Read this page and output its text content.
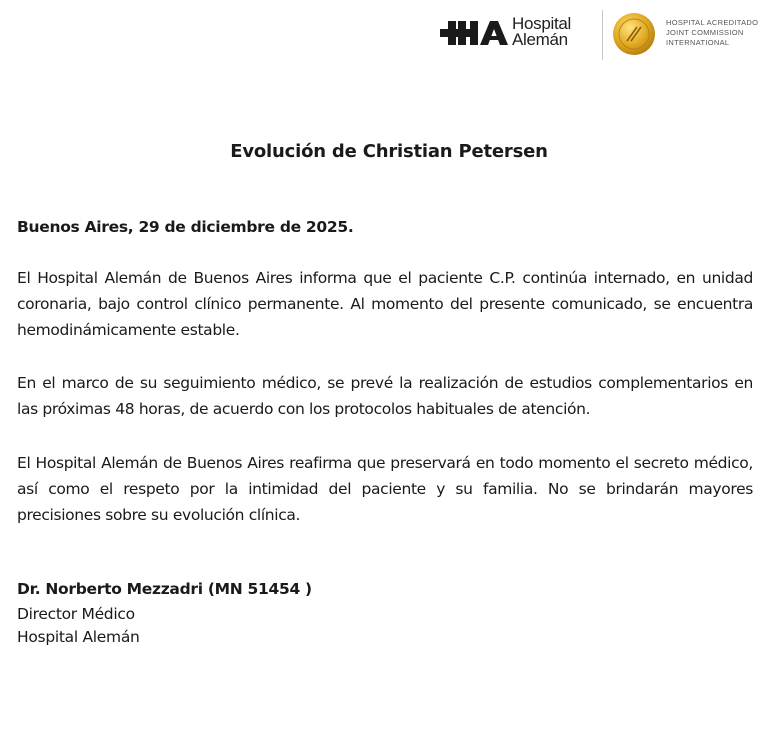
Hospital
Alemán
HOSPITAL ACREDITADO
JOINT COMMISSION
INTERNATIONAL
Evolución de Christian Petersen
Buenos Aires, 29 de diciembre de 2025.
El Hospital Alemán de Buenos Aires informa que el paciente C.P. continúa internado, en unidad coronaria, bajo control clínico permanente. Al momento del presente comunicado, se encuentra hemodinámicamente estable.
En el marco de su seguimiento médico, se prevé la realización de estudios complementarios en las próximas 48 horas, de acuerdo con los protocolos habituales de atención.
El Hospital Alemán de Buenos Aires reafirma que preservará en todo momento el secreto médico, así como el respeto por la intimidad del paciente y su familia. No se brindarán mayores precisiones sobre su evolución clínica.
Dr. Norberto Mezzadri (MN 51454 )
Director Médico
Hospital Alemán
